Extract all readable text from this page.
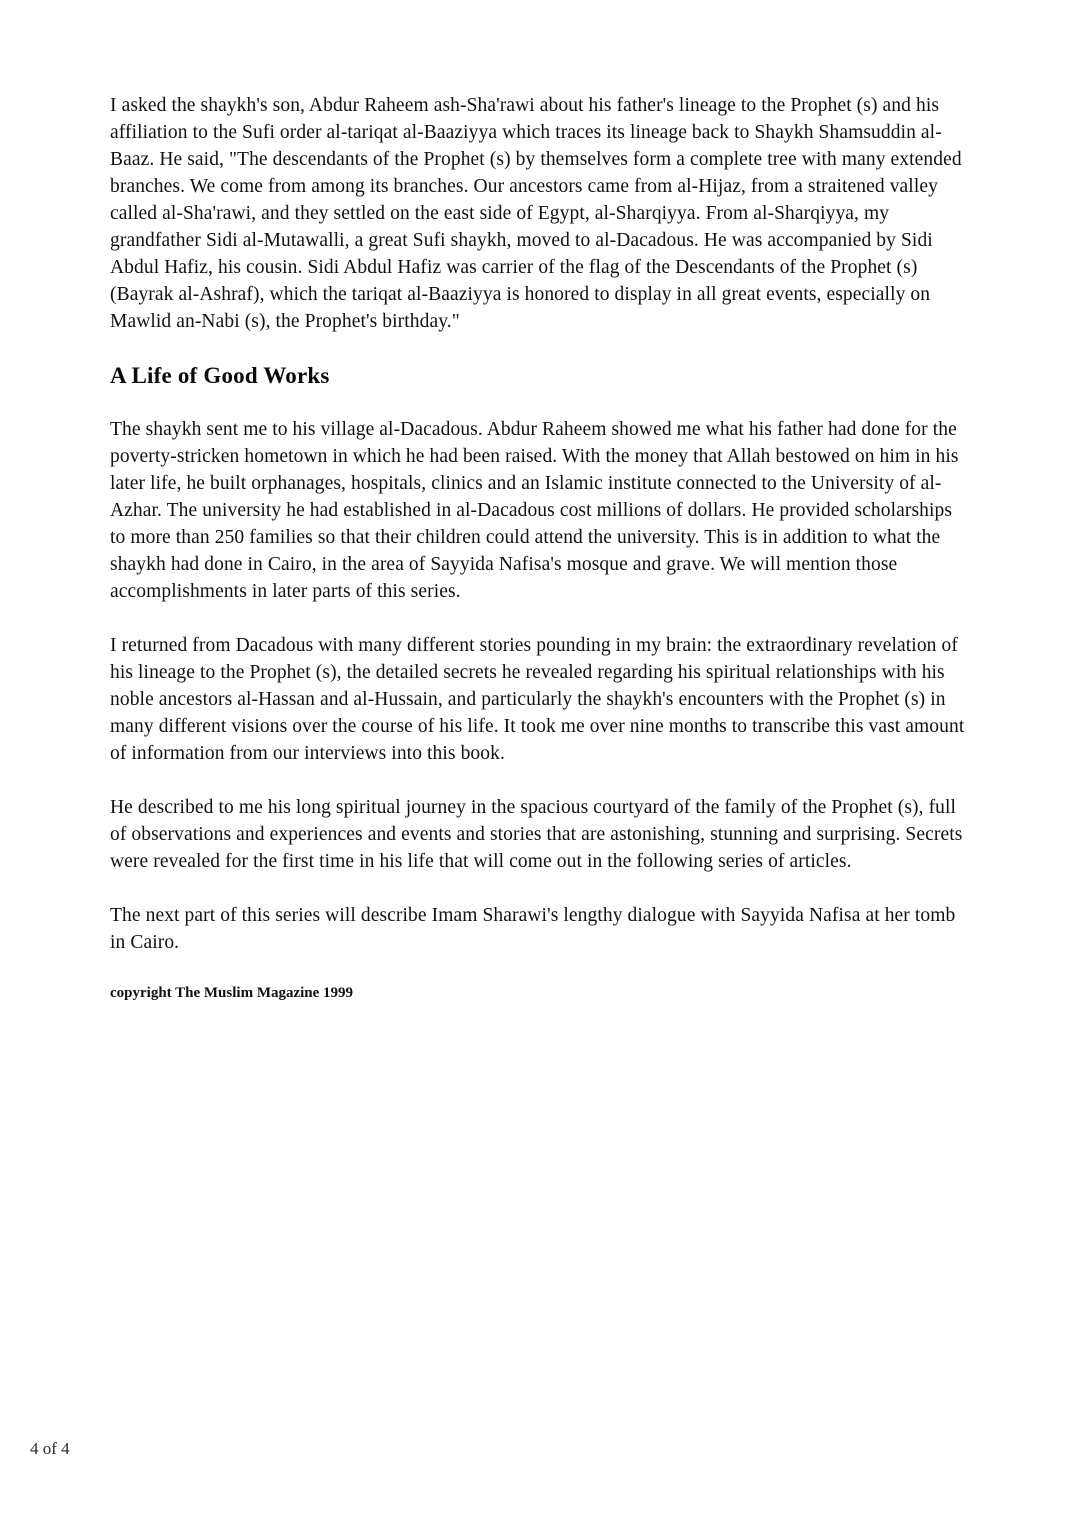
I asked the shaykh's son, Abdur Raheem ash-Sha'rawi about his father's lineage to the Prophet (s) and his affiliation to the Sufi order al-tariqat al-Baaziyya which traces its lineage back to Shaykh Shamsuddin al-Baaz. He said, "The descendants of the Prophet (s) by themselves form a complete tree with many extended branches. We come from among its branches. Our ancestors came from al-Hijaz, from a straitened valley called al-Sha'rawi, and they settled on the east side of Egypt, al-Sharqiyya. From al-Sharqiyya, my grandfather Sidi al-Mutawalli, a great Sufi shaykh, moved to al-Dacadous. He was accompanied by Sidi Abdul Hafiz, his cousin. Sidi Abdul Hafiz was carrier of the flag of the Descendants of the Prophet (s) (Bayrak al-Ashraf), which the tariqat al-Baaziyya is honored to display in all great events, especially on Mawlid an-Nabi (s), the Prophet's birthday."

A Life of Good Works

The shaykh sent me to his village al-Dacadous. Abdur Raheem showed me what his father had done for the poverty-stricken hometown in which he had been raised. With the money that Allah bestowed on him in his later life, he built orphanages, hospitals, clinics and an Islamic institute connected to the University of al-Azhar. The university he had established in al-Dacadous cost millions of dollars. He provided scholarships to more than 250 families so that their children could attend the university. This is in addition to what the shaykh had done in Cairo, in the area of Sayyida Nafisa's mosque and grave. We will mention those accomplishments in later parts of this series.

I returned from Dacadous with many different stories pounding in my brain: the extraordinary revelation of his lineage to the Prophet (s), the detailed secrets he revealed regarding his spiritual relationships with his noble ancestors al-Hassan and al-Hussain, and particularly the shaykh's encounters with the Prophet (s) in many different visions over the course of his life. It took me over nine months to transcribe this vast amount of information from our interviews into this book.

He described to me his long spiritual journey in the spacious courtyard of the family of the Prophet (s), full of observations and experiences and events and stories that are astonishing, stunning and surprising. Secrets were revealed for the first time in his life that will come out in the following series of articles.

The next part of this series will describe Imam Sharawi's lengthy dialogue with Sayyida Nafisa at her tomb in Cairo.

copyright The Muslim Magazine 1999

4 of 4
